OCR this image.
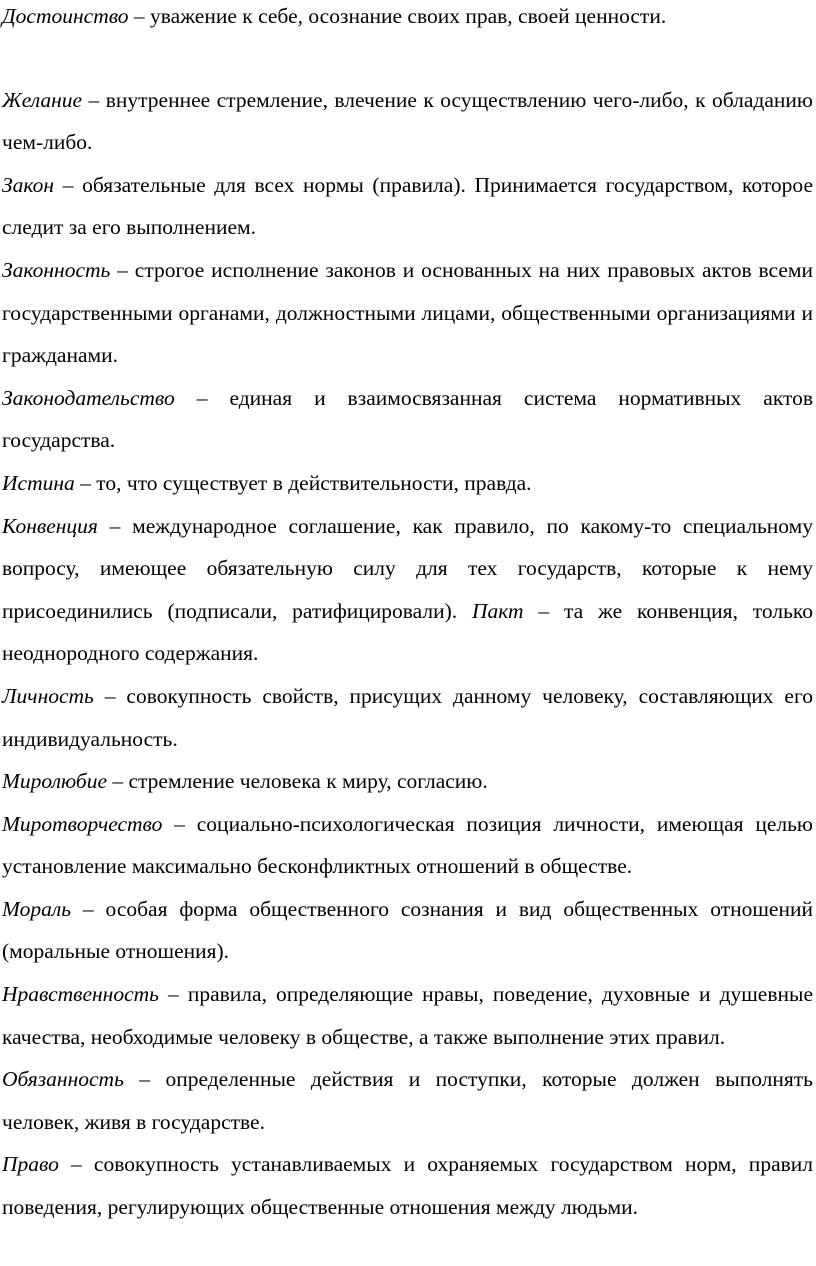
Достоинство – уважение к себе, осознание своих прав, своей ценности.

Желание – внутреннее стремление, влечение к осуществлению чего-либо, к обладанию чем-либо.

Закон – обязательные для всех нормы (правила). Принимается государством, которое следит за его выполнением.

Законность – строгое исполнение законов и основанных на них правовых актов всеми государственными органами, должностными лицами, общественными организациями и гражданами.

Законодательство – единая и взаимосвязанная система нормативных актов государства.

Истина – то, что существует в действительности, правда.

Конвенция – международное соглашение, как правило, по какому-то специальному вопросу, имеющее обязательную силу для тех государств, которые к нему присоединились (подписали, ратифицировали). Пакт – та же конвенция, только неоднородного содержания.

Личность – совокупность свойств, присущих данному человеку, составляющих его индивидуальность.

Миролюбие – стремление человека к миру, согласию.

Миротворчество – социально-психологическая позиция личности, имеющая целью установление максимально бесконфликтных отношений в обществе.

Мораль – особая форма общественного сознания и вид общественных отношений (моральные отношения).

Нравственность – правила, определяющие нравы, поведение, духовные и душевные качества, необходимые человеку в обществе, а также выполнение этих правил.

Обязанность – определенные действия и поступки, которые должен выполнять человек, живя в государстве.

Право – совокупность устанавливаемых и охраняемых государством норм, правил поведения, регулирующих общественные отношения между людьми.
